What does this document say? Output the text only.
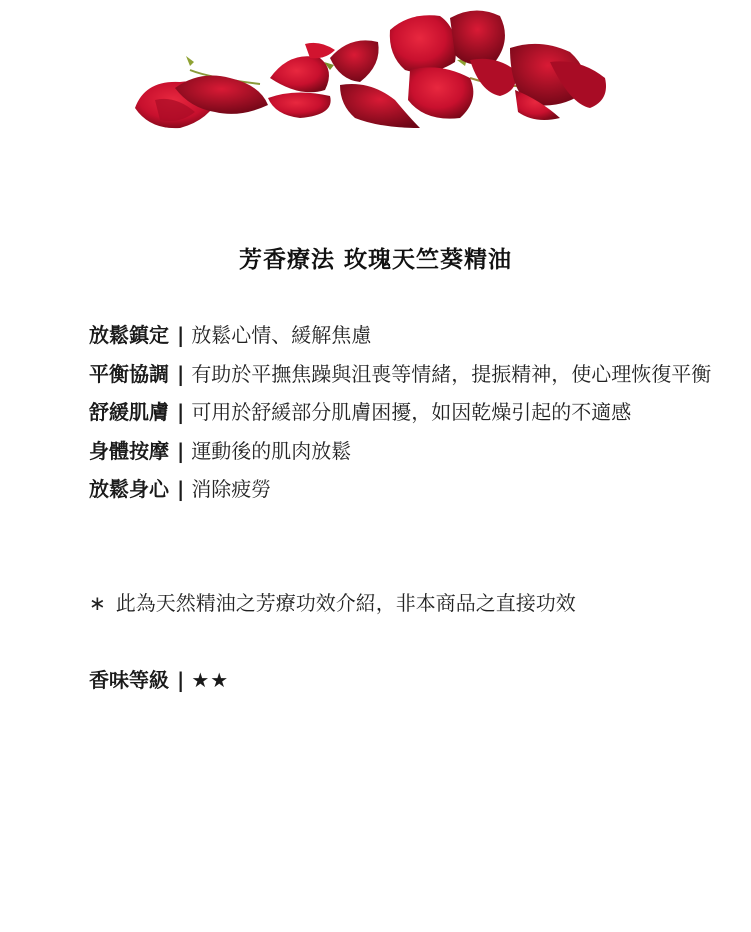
芳香療法 玫瑰天竺葵精油
放鬆鎮定 | 放鬆心情、緩解焦慮
平衡協調 | 有助於平撫焦躁與沮喪等情緒，提振精神，使心理恢復平衡
舒緩肌膚 | 可用於舒緩部分肌膚困擾，如因乾燥引起的不適感
身體按摩 | 運動後的肌肉放鬆
放鬆身心 | 消除疲勞
∗ 此為天然精油之芳療功效介紹，非本商品之直接功效
香味等級 | ★★
